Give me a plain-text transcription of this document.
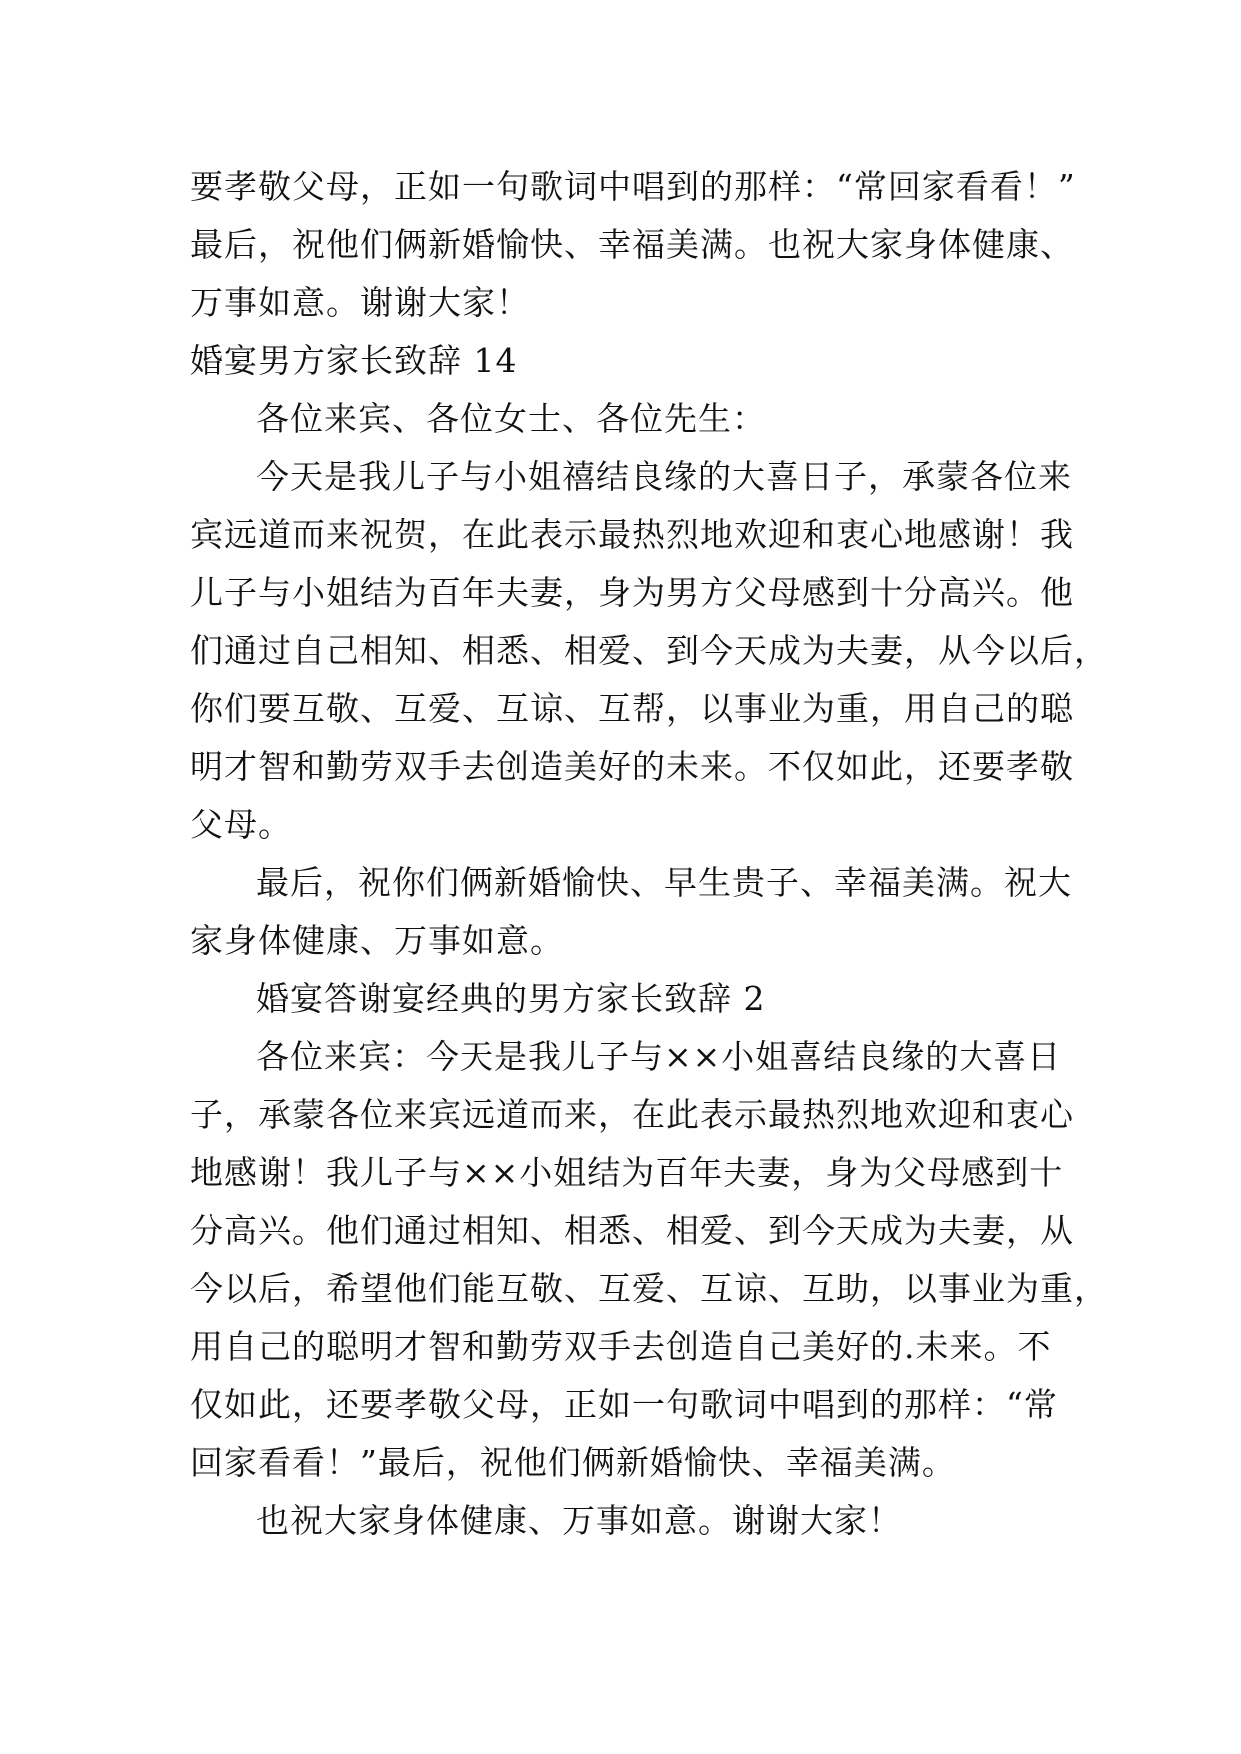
要孝敬父母，正如一句歌词中唱到的那样：“常回家看看！”
最后，祝他们俩新婚愉快、幸福美满。也祝大家身体健康、
万事如意。谢谢大家！
婚宴男方家长致辞 14
各位来宾、各位女士、各位先生：
今天是我儿子与小姐禧结良缘的大喜日子，承蒙各位来
宾远道而来祝贺，在此表示最热烈地欢迎和衷心地感谢！我
儿子与小姐结为百年夫妻，身为男方父母感到十分高兴。他
们通过自己相知、相悉、相爱、到今天成为夫妻，从今以后，
你们要互敬、互爱、互谅、互帮，以事业为重，用自己的聪
明才智和勤劳双手去创造美好的未来。不仅如此，还要孝敬
父母。
最后，祝你们俩新婚愉快、早生贵子、幸福美满。祝大
家身体健康、万事如意。
婚宴答谢宴经典的男方家长致辞 2
各位来宾：今天是我儿子与××小姐喜结良缘的大喜日
子，承蒙各位来宾远道而来，在此表示最热烈地欢迎和衷心
地感谢！我儿子与××小姐结为百年夫妻，身为父母感到十
分高兴。他们通过相知、相悉、相爱、到今天成为夫妻，从
今以后，希望他们能互敬、互爱、互谅、互助，以事业为重，
用自己的聪明才智和勤劳双手去创造自己美好的.未来。不
仅如此，还要孝敬父母，正如一句歌词中唱到的那样：“常
回家看看！”最后，祝他们俩新婚愉快、幸福美满。
也祝大家身体健康、万事如意。谢谢大家！
